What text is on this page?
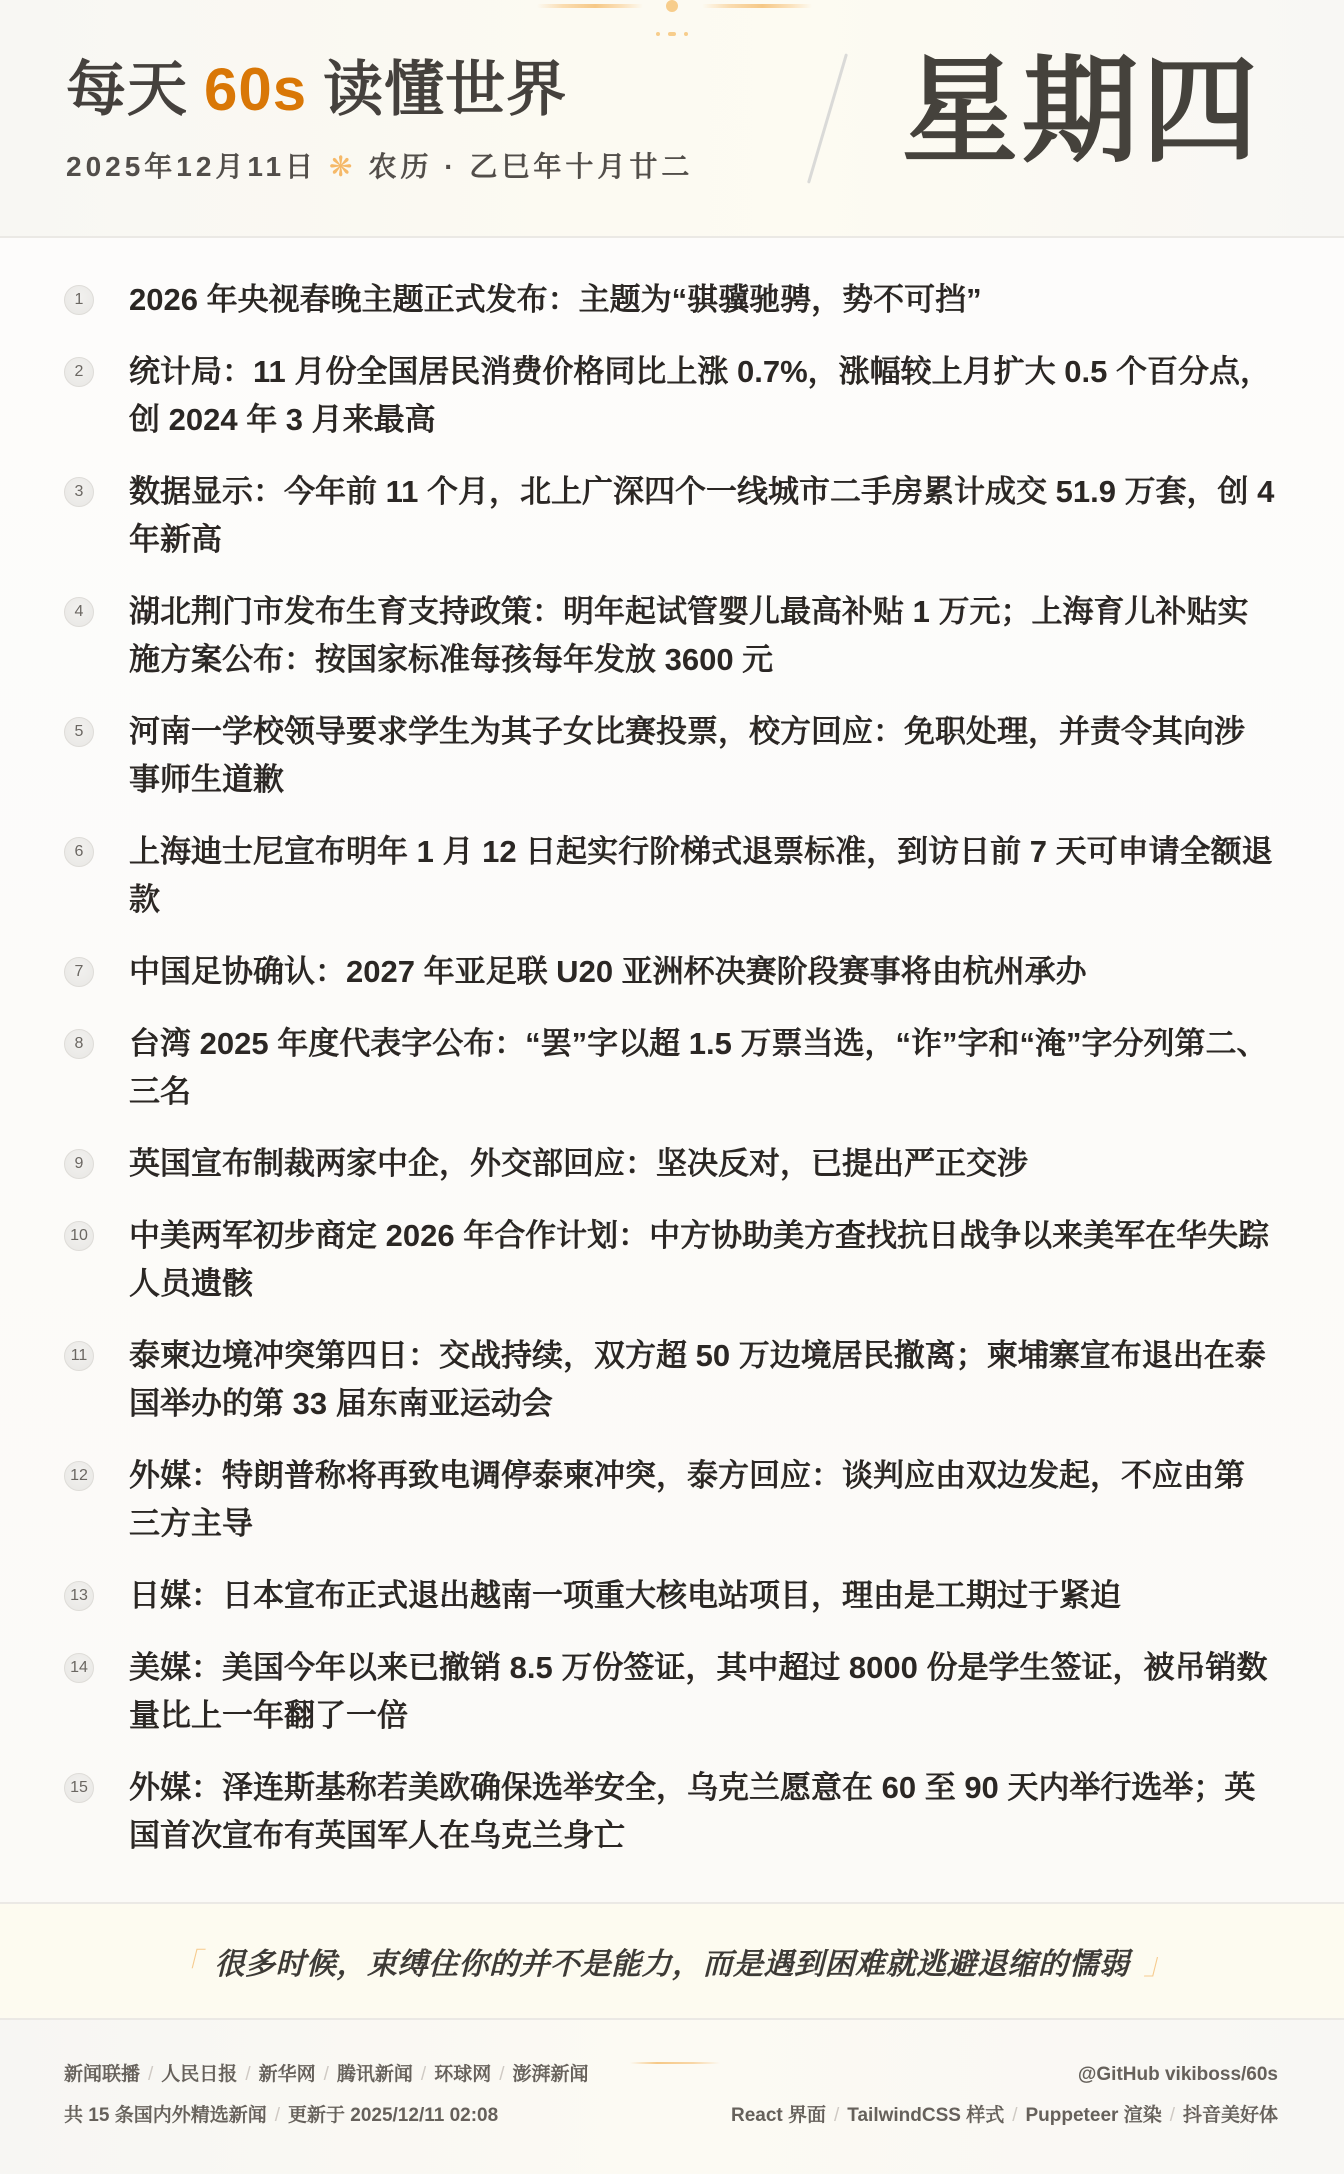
每天 60s 读懂世界
2025年12月11日 ❋ 农历 · 乙巳年十月廿二 星期四
1	2026 年央视春晚主题正式发布：主题为“骐骥驰骋，势不可挡”
2	统计局：11 月份全国居民消费价格同比上涨 0.7%，涨幅较上月扩大 0.5 个百分点，创 2024 年 3 月来最高
3	数据显示：今年前 11 个月，北上广深四个一线城市二手房累计成交 51.9 万套，创 4 年新高
4	湖北荆门市发布生育支持政策：明年起试管婴儿最高补贴 1 万元；上海育儿补贴实施方案公布：按国家标准每孩每年发放 3600 元
5	河南一学校领导要求学生为其子女比赛投票，校方回应：免职处理，并责令其向涉事师生道歉
6	上海迪士尼宣布明年 1 月 12 日起实行阶梯式退票标准，到访日前 7 天可申请全额退款
7	中国足协确认：2027 年亚足联 U20 亚洲杯决赛阶段赛事将由杭州承办
8	台湾 2025 年度代表字公布：“罢”字以超 1.5 万票当选，“诈”字和“淹”字分列第二、三名
9	英国宣布制裁两家中企，外交部回应：坚决反对，已提出严正交涉
10 中美两军初步商定 2026 年合作计划：中方协助美方查找抗日战争以来美军在华失踪人员遗骸
11 泰柬边境冲突第四日：交战持续，双方超 50 万边境居民撤离；柬埔寨宣布退出在泰国举办的第 33 届东南亚运动会
12 外媒：特朗普称将再致电调停泰柬冲突，泰方回应：谈判应由双边发起，不应由第三方主导
13 日媒：日本宣布正式退出越南一项重大核电站项目，理由是工期过于紧迫
14 美媒：美国今年以来已撤销 8.5 万份签证，其中超过 8000 份是学生签证，被吊销数量比上一年翻了一倍
15 外媒：泽连斯基称若美欧确保选举安全，乌克兰愿意在 60 至 90 天内举行选举；英国首次宣布有英国军人在乌克兰身亡
「 很多时候，束缚住你的并不是能力，而是遇到困难就逃避退缩的懦弱 」
新闻联播 / 人民日报 / 新华网 / 腾讯新闻 / 环球网 / 澎湃新闻
共 15 条国内外精选新闻 / 更新于 2025/12/11 02:08
@GitHub vikiboss/60s
React 界面 / TailwindCSS 样式 / Puppeteer 渲染 / 抖音美好体
